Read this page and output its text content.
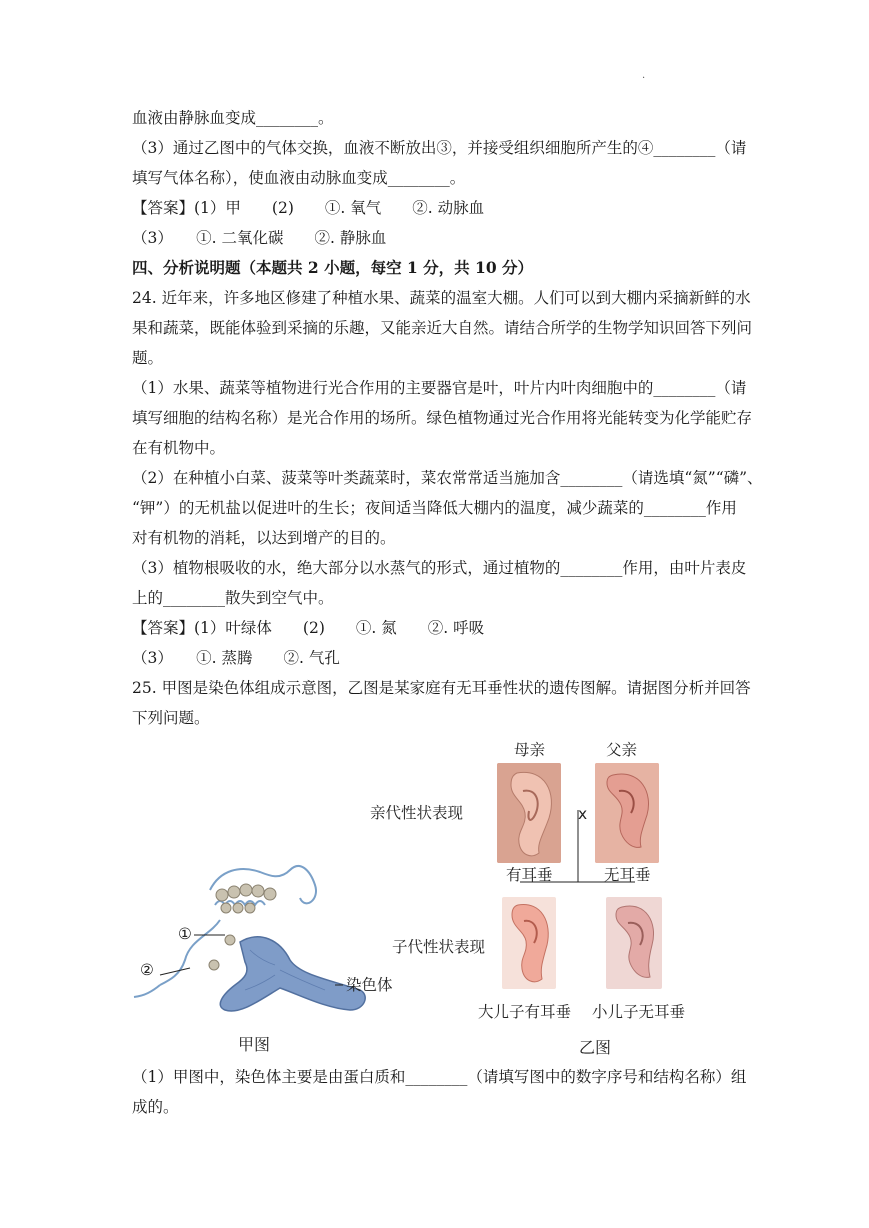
.
血液由静脉血变成________。
（3）通过乙图中的气体交换，血液不断放出③，并接受组织细胞所产生的④________（请
填写气体名称），使血液由动脉血变成________。
【答案】(1）甲　　(2)　　①. 氧气　　②. 动脉血
（3）　　①. 二氧化碳　　②. 静脉血
四、分析说明题（本题共 2 小题，每空 1 分，共 10 分）
24. 近年来，许多地区修建了种植水果、蔬菜的温室大棚。人们可以到大棚内采摘新鲜的水
果和蔬菜，既能体验到采摘的乐趣，又能亲近大自然。请结合所学的生物学知识回答下列问
题。
（1）水果、蔬菜等植物进行光合作用的主要器官是叶，叶片内叶肉细胞中的________（请
填写细胞的结构名称）是光合作用的场所。绿色植物通过光合作用将光能转变为化学能贮存
在有机物中。
（2）在种植小白菜、菠菜等叶类蔬菜时，菜农常常适当施加含________（请选填“氮”“磷”、
“钾”）的无机盐以促进叶的生长；夜间适当降低大棚内的温度，减少蔬菜的________作用
对有机物的消耗，以达到增产的目的。
（3）植物根吸收的水，绝大部分以水蒸气的形式，通过植物的________作用，由叶片表皮
上的________散失到空气中。
【答案】(1）叶绿体　　(2)　　①. 氮　　②. 呼吸
（3）　　①. 蒸腾　　②. 气孔
25. 甲图是染色体组成示意图，乙图是某家庭有无耳垂性状的遗传图解。请据图分析并回答
下列问题。
①
②
染色体
甲图
母亲	父亲
亲代性状表现	x
有耳垂	无耳垂
子代性状表现
大儿子有耳垂 小儿子无耳垂
乙图
（1）甲图中，染色体主要是由蛋白质和________（请填写图中的数字序号和结构名称）组
成的。
